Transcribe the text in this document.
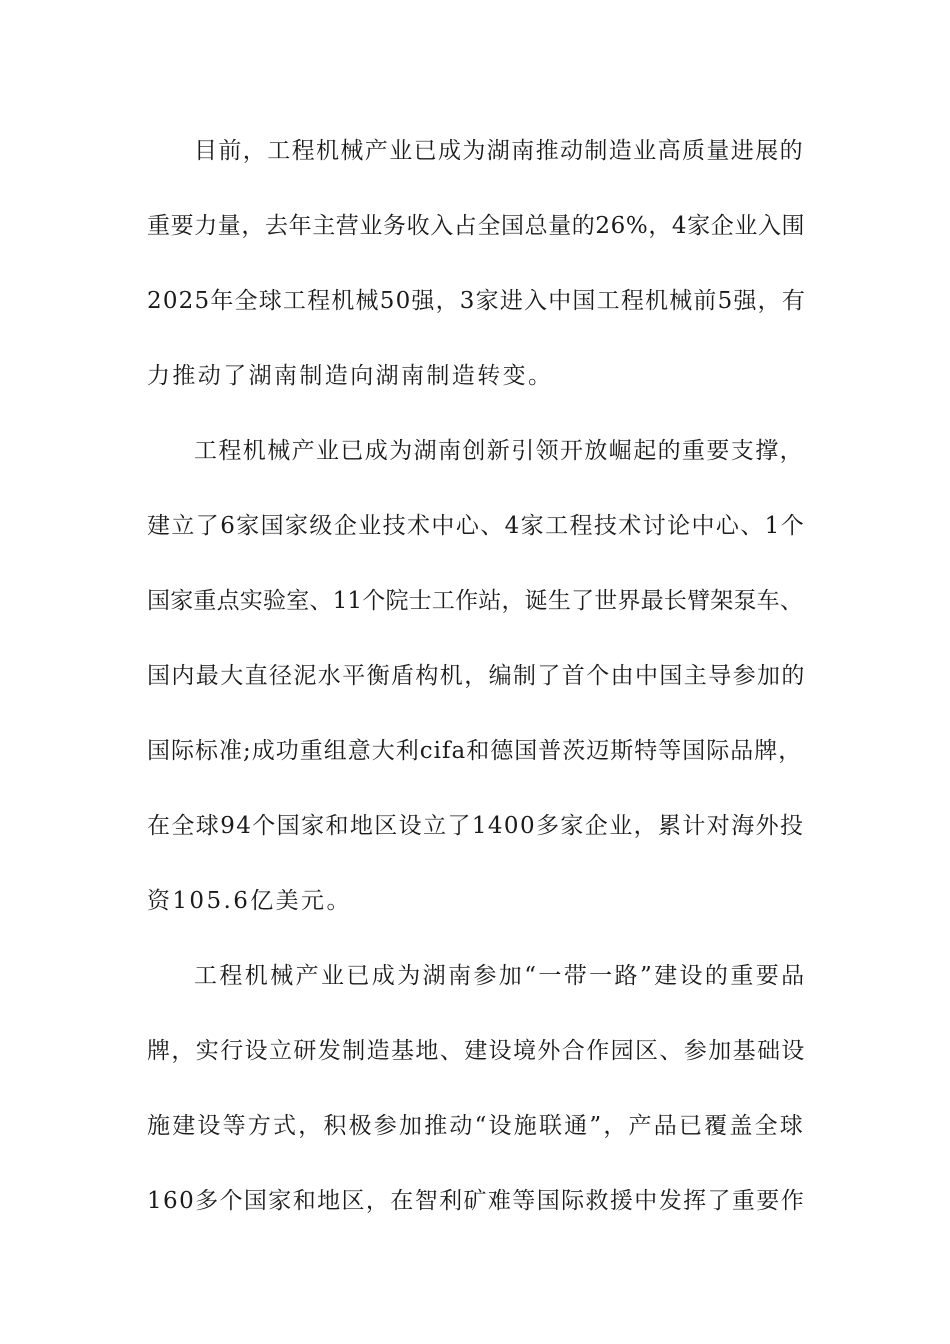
目前，工程机械产业已成为湖南推动制造业高质量进展的
重要力量，去年主营业务收入占全国总量的26%，4家企业入围
2025年全球工程机械50强，3家进入中国工程机械前5强，有
力推动了湖南制造向湖南制造转变。
工程机械产业已成为湖南创新引领开放崛起的重要支撑，
建立了6家国家级企业技术中心、4家工程技术讨论中心、1个
国家重点实验室、11个院士工作站，诞生了世界最长臂架泵车、
国内最大直径泥水平衡盾构机，编制了首个由中国主导参加的
国际标准;成功重组意大利cifa和德国普茨迈斯特等国际品牌，
在全球94个国家和地区设立了1400多家企业，累计对海外投
资105.6亿美元。
工程机械产业已成为湖南参加“一带一路”建设的重要品
牌，实行设立研发制造基地、建设境外合作园区、参加基础设
施建设等方式，积极参加推动“设施联通”，产品已覆盖全球
160多个国家和地区，在智利矿难等国际救援中发挥了重要作
